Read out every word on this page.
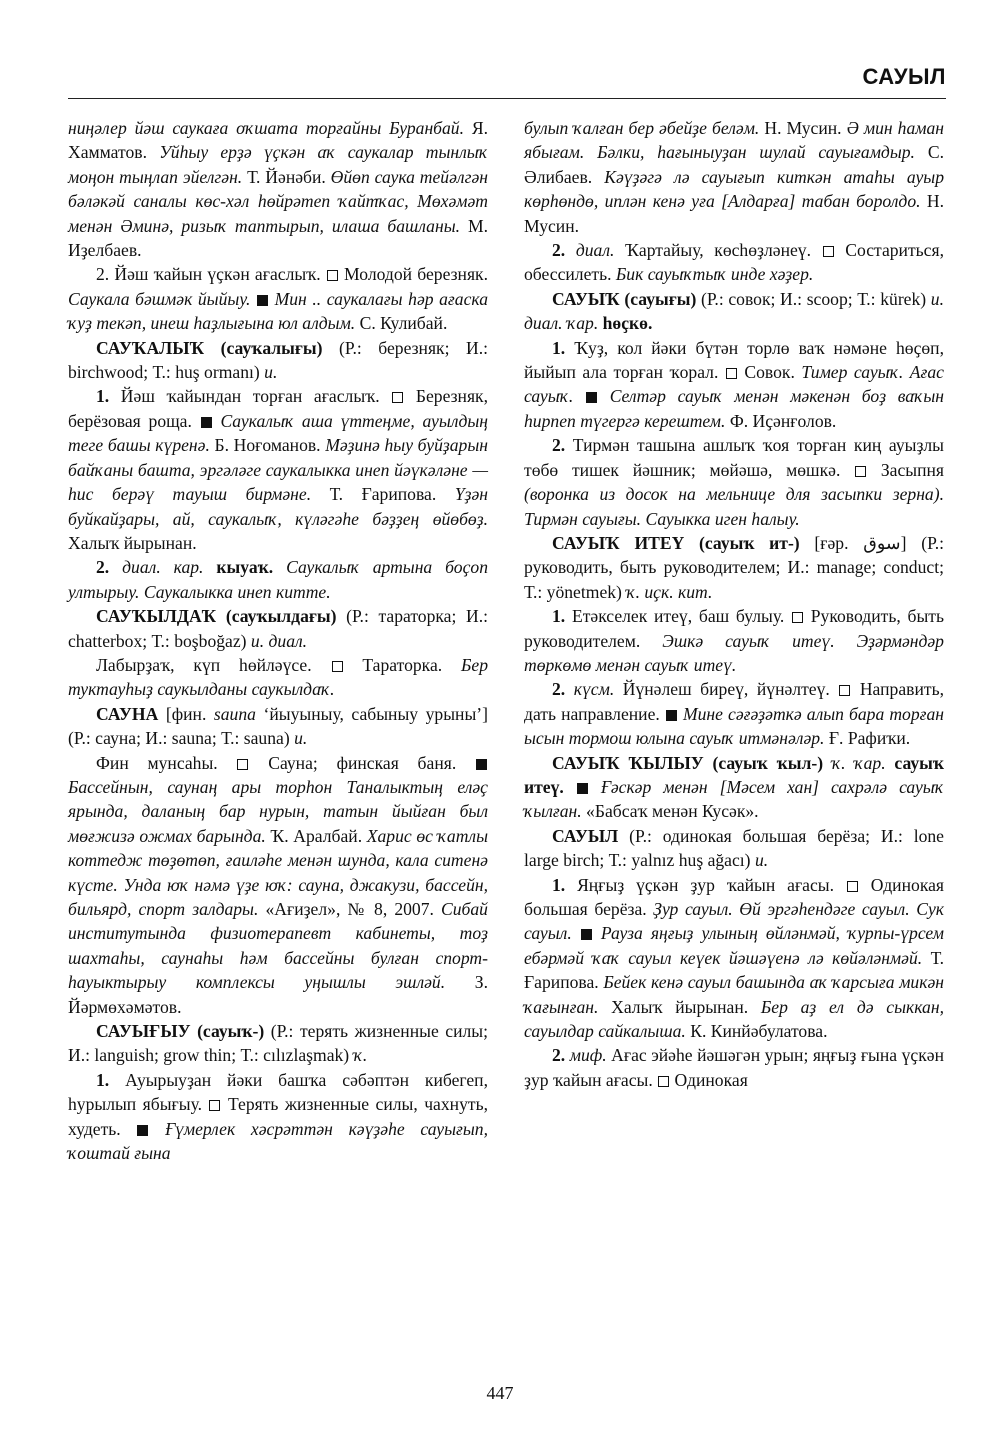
САУЫЛ

ниңәлер йәш саукаға оҡшата торғайны Буранбай. Я. Хамматов. Уйһыу ерҙә үҫкән аҡ саукалар тынлыҡ моңон тыңлап эйелгән. Т. Йәнәби. Өйөп саука тейәлгән бәләкәй саналы көс-хәл һөйрәтеп ҡайтҡас, Мөхәмәт менән Әминә, ризыҡ таптырып, илаша башланы. М. Иҙелбаев.

2. Йәш ҡайын үҫкән ағаслыҡ.  Молодой березняк. Саукала бәшмәк йыйыу. Мин .. саукалағы һәр ағаска ҡуҙ текәп, инеш һаҙлығына юл алдым. С. Кулибай.

САУҠАЛЫҠ (сауҡалығы) (Р.: березняк; И.: birchwood; Т.: huş ormanı) и.

1. Йәш ҡайындан торған ағаслыҡ.  Березняк, берёзовая роща.  Саукалыҡ аша үттеңме, ауылдың теге башы күренә. Б. Ноғоманов. Мәҙинә һыу буйҙарын байҡаны башта, эргәләге саукалыкка инеп йәүкәләне — һис берәү тауыш бирмәне. Т. Ғарипова. Үҙән буйкайҙары, ай, саукалыҡ, күләгәһе бәҙҙең өйөбөҙ. Халыҡ йырынан.

2. диал. кар. кыуаҡ. Саукалыҡ артына боҫоп ултырыу. Саукалыкка инеп китте.

САУҠЫЛДАҠ (сауҡылдағы) (Р.: тараторка; И.: chatterbox; Т.: boşboğaz) и. диал.

Лабырҙаҡ, күп һөйләүсе.  Тараторка. Бер туктауһыҙ саукылданы саукылдаҡ.

САУНА [фин. sauna ‘йыуыныу, сабыныу урыны’] (Р.: сауна; И.: sauna; Т.: sauna) и.

Фин мунсаһы.  Сауна; финская баня.  Бассейнын, саунаң ары торһон Таналыктың еләҫ ярында, даланың бар нурын, татын йыйған был мөғжизә ожмах барында. Ҡ. Аралбай. Харис өс ҡатлы коттедж төҙөтөп, ғаиләһе менән шунда, кала ситенә күсте. Унда юҡ нәмә үҙе юҡ: сауна, джакузи, бассейн, бильярд, спорт залдары. «Ағиҙел», № 8, 2007. Сибай институтында физиотерапевт кабинеты, тоҙ шахтаһы, саунаһы һәм бассейны булған спорт-һауыктырыу комплексы уңышлы эшләй. З. Йәрмөхәмәтов.

САУЫҒЫУ (сауыҡ-) (Р.: терять жизненные силы; И.: languish; grow thin; Т.: cılızlaşmak) ҡ.

1. Ауырыуҙан йәки башҡа сәбәптән кибегеп, һурылып ябығыу.  Терять жизненные силы, чахнуть, худеть.  Ғүмерлек хәсрәттән кәүҙәһе сауығып, ҡоштай ғына

булып ҡалған бер әбейҙе беләм. Н. Мусин. Ә мин һаман ябығам. Бәлки, һағыныуҙан шулай сауығамдыр. С. Әлибаев. Кәүҙәгә лә сауығып киткән атаһы ауыр көрһөндө, иплән кенә уға [Алдарға] табан боролдо. Н. Мусин.

2. диал. Ҡартайыу, көсһөҙләнеү.  Состариться, обессилеть. Бик сауыҡтыҡ инде хәҙер.

САУЫҠ (сауығы) (Р.: совок; И.: scoop; Т.: kürek) и. диал. ҡар. һөҫкө.

1. Ҡуҙ, кол йәки бүтән торлө ваҡ нәмәне һөҫөп, йыйып ала торған ҡорал.  Совок. Тимер сауыҡ. Ағас сауыҡ. Селтәр сауыҡ менән мәкенән боҙ ваҡын һирпеп түгергә керештем. Ф. Иҫәнғолов.

2. Тирмән ташына ашлыҡ ҡоя торған киң ауыҙлы төбө тишек йәшник; мөйәшә, мөшкә.  Засыпня (воронка из досок на мельнице для засыпки зерна). Тирмән сауығы. Сауыкка иген һалыу.

САУЫҠ ИТЕҮ (сауыҡ ит-) [ғәр. سوق] (Р.: руководить, быть руководителем; И.: manage; conduct; Т.: yönetmek) ҡ. иҫк. кит.

1. Етәкселек итеү, баш булыу.  Руководить, быть руководителем. Эшкә сауыҡ итеү. Эҙәрмәндәр төркөмө менән сауыҡ итеү.

2. күсм. Йүнәлеш биреү, йүнәлтеү.  Направить, дать направление.  Мине сәғәҙәткә алып бара торған ысын тормош юлына сауыҡ итмәнәләр. Ғ. Рафиҡи.

САУЫҠ ҠЫЛЫУ (сауыҡ ҡыл-) ҡ. ҡар. сауыҡ итеү. Ғәскәр менән [Мәсем хан] сахрәлә сауыҡ ҡылған. «Бабсаҡ менән Кусәк».

САУЫЛ (Р.: одинокая большая берёза; И.: lone large birch; Т.: yalnız huş ağacı) и.

1. Яңғыҙ үҫкән ҙур ҡайын ағасы.  Одинокая большая берёза. Ҙур сауыл. Өй эргәһендәге сауыл. Сук сауыл. Рауза яңғыҙ улының өйләнмәй, ҡурпы-үрсем ебәрмәй ҡаҡ сауыл кеүек йәшәүенә лә көйәләнмәй. Т. Ғарипова. Бейек кенә сауыл башында аҡ ҡарсыға микән ҡағынған. Халыҡ йырынан. Бер аҙ ел дә сыккан, сауылдар сайкалыша. К. Кинйәбулатова.

2. миф. Ағас эйәһе йәшәгән урын; яңғыҙ ғына үҫкән ҙур ҡайын ағасы.  Одинокая

447
